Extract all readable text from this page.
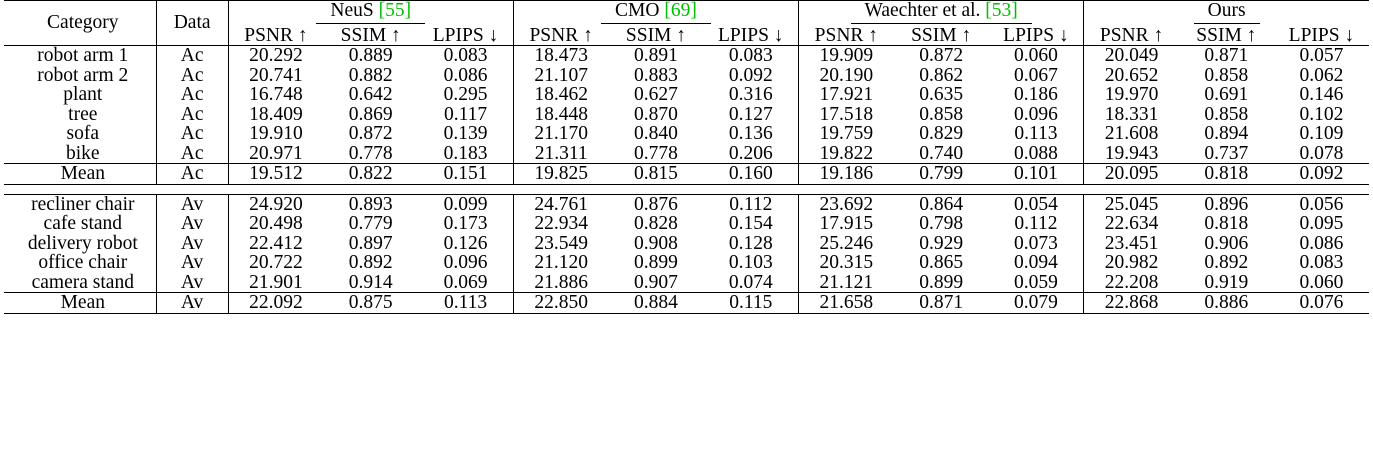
Category	Data	NeuS [55]			CMO [69]			Waechter et al. [53]			Ours		
		PSNR ↑	SSIM ↑	LPIPS ↓	PSNR ↑	SSIM ↑	LPIPS ↓	PSNR ↑	SSIM ↑	LPIPS ↓	PSNR ↑	SSIM ↑	LPIPS ↓
robot arm 1	Ac	20.292	0.889	0.083	18.473	0.891	0.083	19.909	0.872	0.060	20.049	0.871	0.057
robot arm 2	Ac	20.741	0.882	0.086	21.107	0.883	0.092	20.190	0.862	0.067	20.652	0.858	0.062
plant	Ac	16.748	0.642	0.295	18.462	0.627	0.316	17.921	0.635	0.186	19.970	0.691	0.146
tree	Ac	18.409	0.869	0.117	18.448	0.870	0.127	17.518	0.858	0.096	18.331	0.858	0.102
sofa	Ac	19.910	0.872	0.139	21.170	0.840	0.136	19.759	0.829	0.113	21.608	0.894	0.109
bike	Ac	20.971	0.778	0.183	21.311	0.778	0.206	19.822	0.740	0.088	19.943	0.737	0.078
Mean	Ac	19.512	0.822	0.151	19.825	0.815	0.160	19.186	0.799	0.101	20.095	0.818	0.092

recliner chair	Av	24.920	0.893	0.099	24.761	0.876	0.112	23.692	0.864	0.054	25.045	0.896	0.056
cafe stand	Av	20.498	0.779	0.173	22.934	0.828	0.154	17.915	0.798	0.112	22.634	0.818	0.095
delivery robot	Av	22.412	0.897	0.126	23.549	0.908	0.128	25.246	0.929	0.073	23.451	0.906	0.086
office chair	Av	20.722	0.892	0.096	21.120	0.899	0.103	20.315	0.865	0.094	20.982	0.892	0.083
camera stand	Av	21.901	0.914	0.069	21.886	0.907	0.074	21.121	0.899	0.059	22.208	0.919	0.060
Mean	Av	22.092	0.875	0.113	22.850	0.884	0.115	21.658	0.871	0.079	22.868	0.886	0.076
